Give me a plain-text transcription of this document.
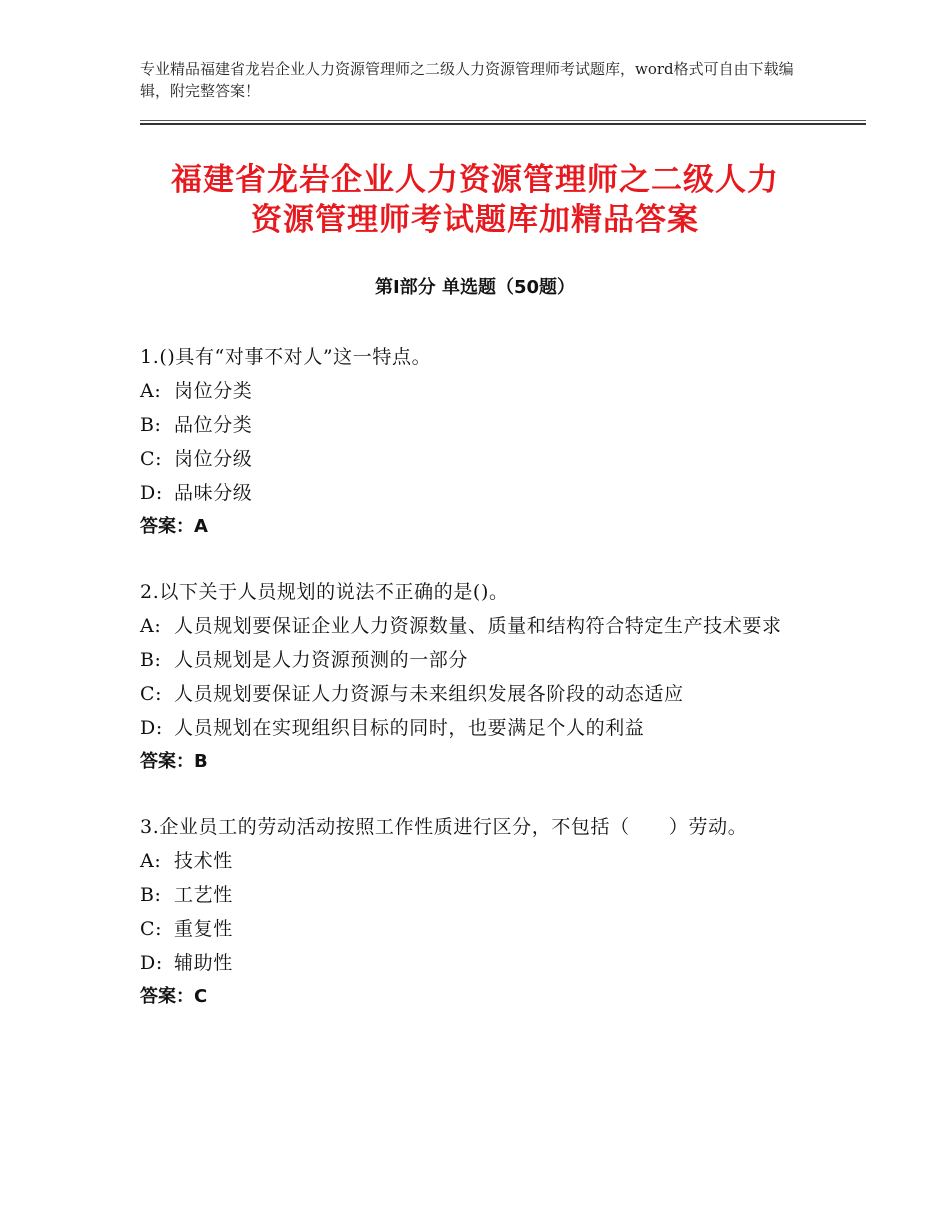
专业精品福建省龙岩企业人力资源管理师之二级人力资源管理师考试题库，word格式可自由下载编辑，附完整答案！
福建省龙岩企业人力资源管理师之二级人力
资源管理师考试题库加精品答案
第Ⅰ部分 单选题（50题）

1.()具有“对事不对人”这一特点。

A: 岗位分类

B: 品位分类

C: 岗位分级

D: 品味分级

答案：A

2.以下关于人员规划的说法不正确的是()。

A: 人员规划要保证企业人力资源数量、质量和结构符合特定生产技术要求

B: 人员规划是人力资源预测的一部分

C: 人员规划要保证人力资源与未来组织发展各阶段的动态适应

D: 人员规划在实现组织目标的同时，也要满足个人的利益

答案：B

3.企业员工的劳动活动按照工作性质进行区分，不包括（　　）劳动。

A: 技术性

B: 工艺性

C: 重复性

D: 辅助性

答案：C
